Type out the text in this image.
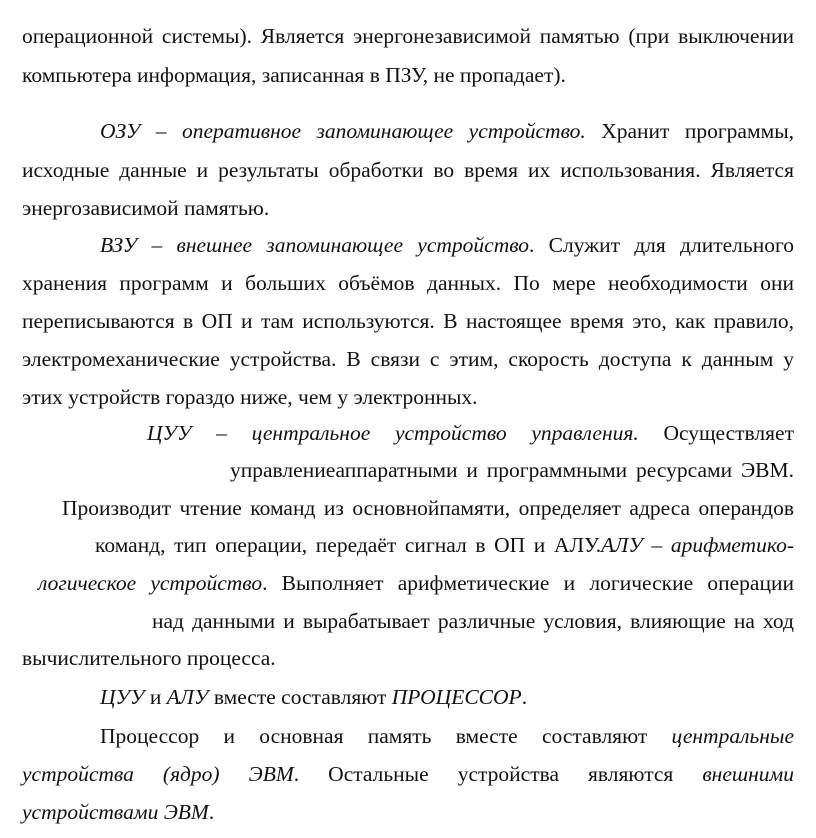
операционной системы). Является энергонезависимой памятью (при выключении
компьютера информация, записанная в ПЗУ, не пропадает).
ОЗУ – оперативное запоминающее устройство. Хранит программы,
исходные данные и результаты обработки во время их использования. Является
энергозависимой памятью.
ВЗУ – внешнее запоминающее устройство. Служит для длительного
хранения программ и больших объёмов данных. По мере необходимости они
переписываются в ОП и там используются. В настоящее время это, как правило,
электромеханические устройства. В связи с этим, скорость доступа к данным у
этих устройств гораздо ниже, чем у электронных.
ЦУУ – центральное устройство управления. Осуществляет
управлениеаппаратными и программными ресурсами ЭВМ.
Производит чтение команд из основнойпамяти, определяет адреса операндов
команд, тип операции, передаёт сигнал в ОП и АЛУ.АЛУ – арифметико-
логическое устройство. Выполняет арифметические и логические операции
над данными и вырабатывает различные условия, влияющие на ход
вычислительного процесса.
ЦУУ и АЛУ вместе составляют ПРОЦЕССОР.
Процессор и основная память вместе составляют центральные
устройства (ядро) ЭВМ. Остальные устройства являются внешними
устройствами ЭВМ.
